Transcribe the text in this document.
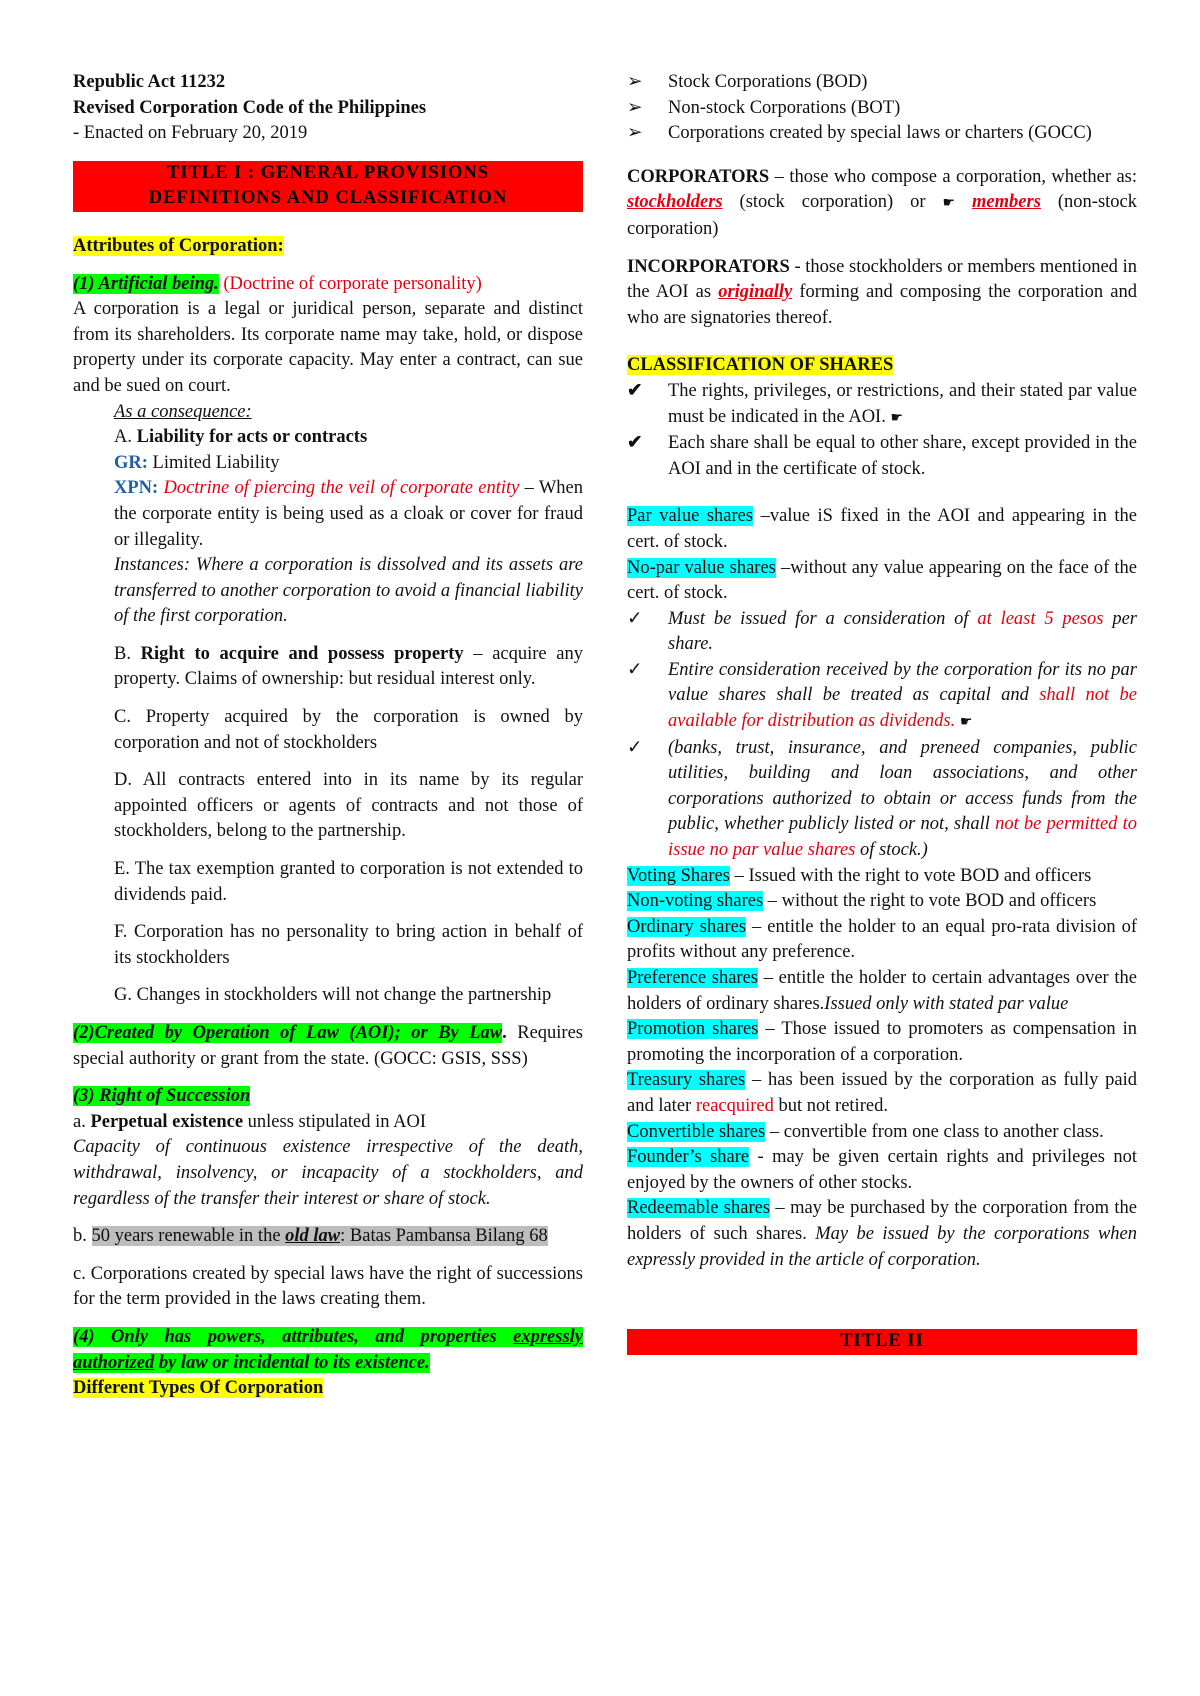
Republic Act 11232

Revised Corporation Code of the Philippines

- Enacted on February 20, 2019

TITLE I : GENERAL PROVISIONS
DEFINITIONS AND CLASSIFICATION

Attributes of Corporation:

(1) Artificial being. (Doctrine of corporate personality)

A corporation is a legal or juridical person, separate and distinct from its shareholders. Its corporate name may take, hold, or dispose property under its corporate capacity. May enter a contract, can sue and be sued on court.

As a consequence:

A. Liability for acts or contracts

GR: Limited Liability

XPN: Doctrine of piercing the veil of corporate entity – When the corporate entity is being used as a cloak or cover for fraud or illegality.

Instances: Where a corporation is dissolved and its assets are transferred to another corporation to avoid a financial liability of the first corporation.

B. Right to acquire and possess property – acquire any property. Claims of ownership: but residual interest only.

C. Property acquired by the corporation is owned by corporation and not of stockholders

D. All contracts entered into in its name by its regular appointed officers or agents of contracts and not those of stockholders, belong to the partnership.

E. The tax exemption granted to corporation is not extended to dividends paid.

F. Corporation has no personality to bring action in behalf of its stockholders

G. Changes in stockholders will not change the partnership

(2)Created by Operation of Law (AOI); or By Law. Requires special authority or grant from the state. (GOCC: GSIS, SSS)

(3) Right of Succession

a. Perpetual existence unless stipulated in AOI

Capacity of continuous existence irrespective of the death, withdrawal, insolvency, or incapacity of a stockholders, and regardless of the transfer their interest or share of stock.

b. 50 years renewable in the old law: Batas Pambansa Bilang 68

c. Corporations created by special laws have the right of successions for the term provided in the laws creating them.

(4) Only has powers, attributes, and properties expressly authorized by law or incidental to its existence.

Different Types Of Corporation

➢	Stock Corporations (BOD)
➢	Non-stock Corporations (BOT)
➢	Corporations created by special laws or charters (GOCC)

CORPORATORS – those who compose a corporation, whether as: stockholders (stock corporation) or ☛ members (non-stock corporation)

INCORPORATORS - those stockholders or members mentioned in the AOI as originally forming and composing the corporation and who are signatories thereof.

CLASSIFICATION OF SHARES

✔	The rights, privileges, or restrictions, and their stated par value must be indicated in the AOI. ☛
✔	Each share shall be equal to other share, except provided in the AOI and in the certificate of stock.

Par value shares –value iS fixed in the AOI and appearing in the cert. of stock.

No-par value shares –without any value appearing on the face of the cert. of stock.

✓	Must be issued for a consideration of at least 5 pesos per share.
✓	Entire consideration received by the corporation for its no par value shares shall be treated as capital and shall not be available for distribution as dividends. ☛
✓	(banks, trust, insurance, and preneed companies, public utilities, building and loan associations, and other corporations authorized to obtain or access funds from the public, whether publicly listed or not, shall not be permitted to issue no par value shares of stock.)

Voting Shares – Issued with the right to vote BOD and officers

Non-voting shares – without the right to vote BOD and officers

Ordinary shares – entitle the holder to an equal pro-rata division of profits without any preference.

Preference shares – entitle the holder to certain advantages over the holders of ordinary shares.Issued only with stated par value

Promotion shares – Those issued to promoters as compensation in promoting the incorporation of a corporation.

Treasury shares – has been issued by the corporation as fully paid and later reacquired but not retired.

Convertible shares – convertible from one class to another class.

Founder’s share - may be given certain rights and privileges not enjoyed by the owners of other stocks.

Redeemable shares – may be purchased by the corporation from the holders of such shares. May be issued by the corporations when expressly provided in the article of corporation.

TITLE II
